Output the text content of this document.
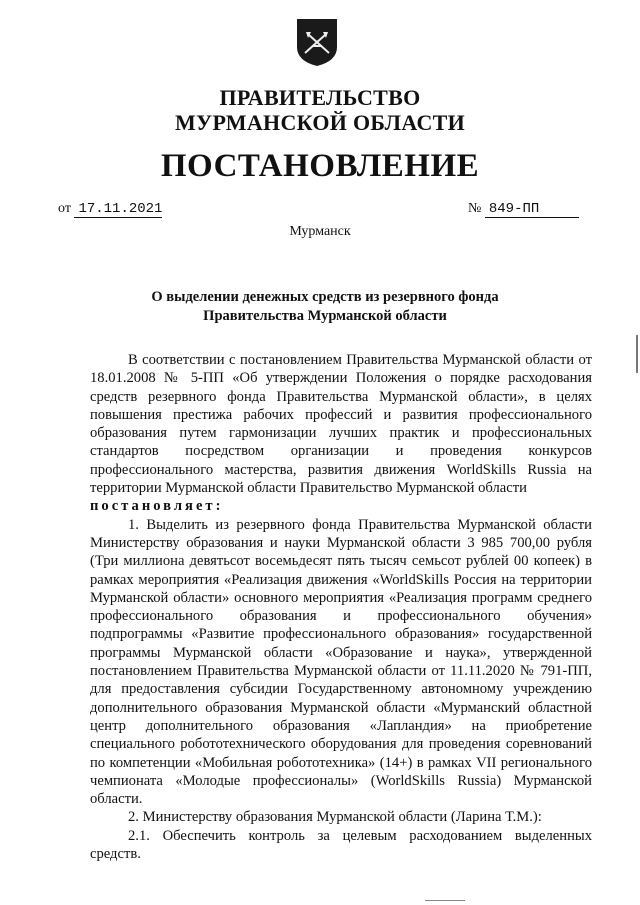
ПРАВИТЕЛЬСТВО
МУРМАНСКОЙ ОБЛАСТИ
ПОСТАНОВЛЕНИЕ
от 17.11.2021	№ 849-ПП
Мурманск
О выделении денежных средств из резервного фонда
Правительства Мурманской области

В соответствии с постановлением Правительства Мурманской области от 18.01.2008 № 5-ПП «Об утверждении Положения о порядке расходования средств резервного фонда Правительства Мурманской области», в целях повышения престижа рабочих профессий и развития профессионального образования путем гармонизации лучших практик и профессиональных стандартов посредством организации и проведения конкурсов профессионального мастерства, развития движения WorldSkills Russia на территории Мурманской области Правительство Мурманской области

постановляет:

1. Выделить из резервного фонда Правительства Мурманской области Министерству образования и науки Мурманской области 3 985 700,00 рубля (Три миллиона девятьсот восемьдесят пять тысяч семьсот рублей 00 копеек) в рамках мероприятия «Реализация движения «WorldSkills Россия на территории Мурманской области» основного мероприятия «Реализация программ среднего профессионального образования и профессионального обучения» подпрограммы «Развитие профессионального образования» государственной программы Мурманской области «Образование и наука», утвержденной постановлением Правительства Мурманской области от 11.11.2020 № 791-ПП, для предоставления субсидии Государственному автономному учреждению дополнительного образования Мурманской области «Мурманский областной центр дополнительного образования «Лапландия» на приобретение специального робототехнического оборудования для проведения соревнований по компетенции «Мобильная робототехника» (14+) в рамках VII регионального чемпионата «Молодые профессионалы» (WorldSkills Russia) Мурманской области.

2. Министерству образования Мурманской области (Ларина Т.М.):

2.1. Обеспечить контроль за целевым расходованием выделенных средств.
